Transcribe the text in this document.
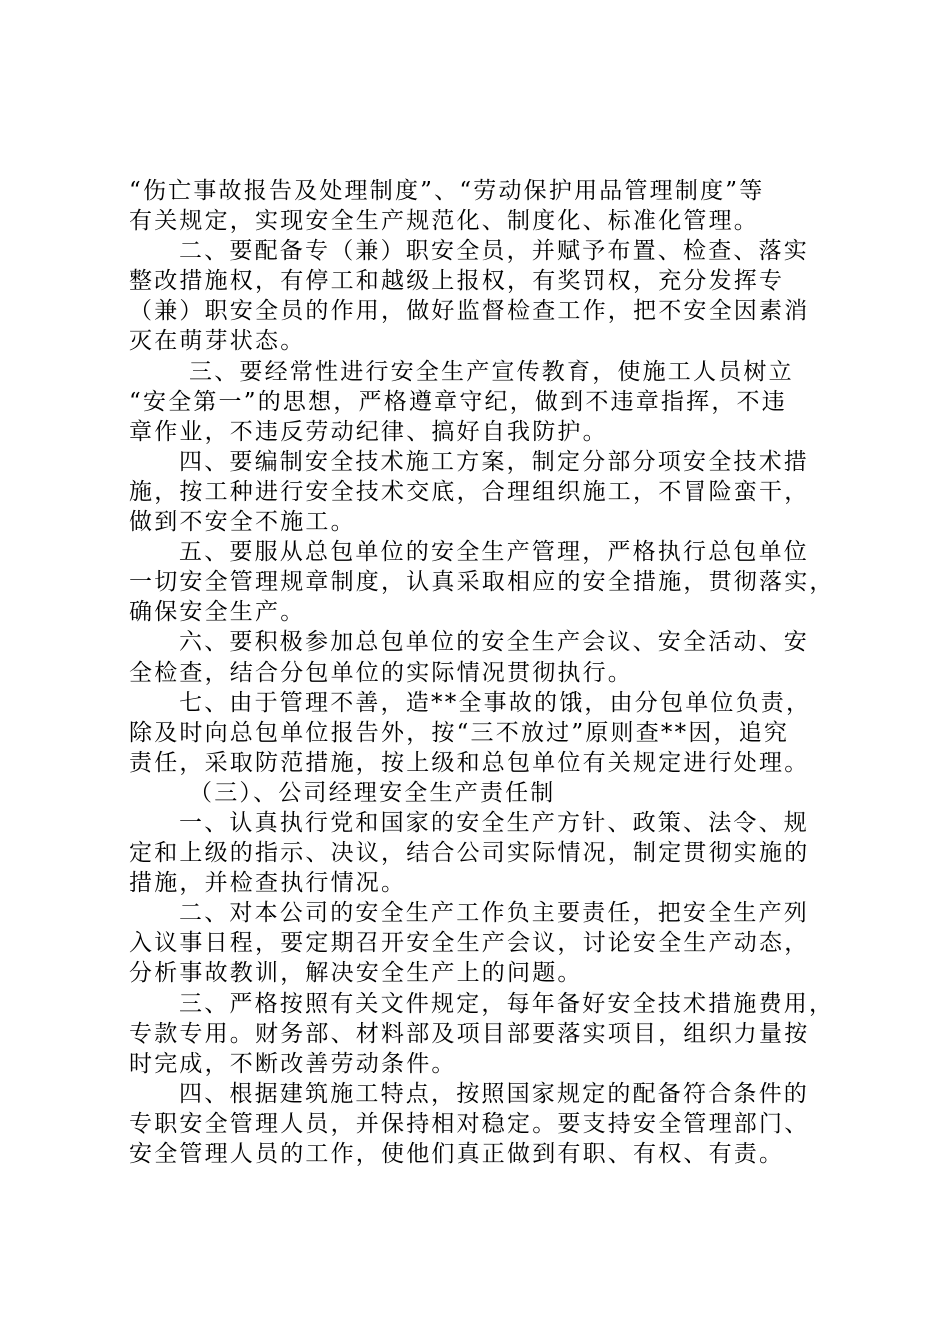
“伤亡事故报告及处理制度”、“劳动保护用品管理制度”等
有关规定，实现安全生产规范化、制度化、标准化管理。
二、要配备专（兼）职安全员，并赋予布置、检查、落实
整改措施权，有停工和越级上报权，有奖罚权，充分发挥专
（兼）职安全员的作用，做好监督检查工作，把不安全因素消
灭在萌芽状态。
三、要经常性进行安全生产宣传教育，使施工人员树立
“安全第一”的思想，严格遵章守纪，做到不违章指挥，不违
章作业，不违反劳动纪律、搞好自我防护。
四、要编制安全技术施工方案，制定分部分项安全技术措
施，按工种进行安全技术交底，合理组织施工，不冒险蛮干，
做到不安全不施工。
五、要服从总包单位的安全生产管理，严格执行总包单位
一切安全管理规章制度，认真采取相应的安全措施，贯彻落实，
确保安全生产。
六、要积极参加总包单位的安全生产会议、安全活动、安
全检查，结合分包单位的实际情况贯彻执行。
七、由于管理不善，造**全事故的饿，由分包单位负责，
除及时向总包单位报告外，按“三不放过”原则查**因，追究
责任，采取防范措施，按上级和总包单位有关规定进行处理。
（三）、公司经理安全生产责任制
一、认真执行党和国家的安全生产方针、政策、法令、规
定和上级的指示、决议，结合公司实际情况，制定贯彻实施的
措施，并检查执行情况。
二、对本公司的安全生产工作负主要责任，把安全生产列
入议事日程，要定期召开安全生产会议，讨论安全生产动态，
分析事故教训，解决安全生产上的问题。
三、严格按照有关文件规定，每年备好安全技术措施费用，
专款专用。财务部、材料部及项目部要落实项目，组织力量按
时完成，不断改善劳动条件。
四、根据建筑施工特点，按照国家规定的配备符合条件的
专职安全管理人员，并保持相对稳定。要支持安全管理部门、
安全管理人员的工作，使他们真正做到有职、有权、有责。
